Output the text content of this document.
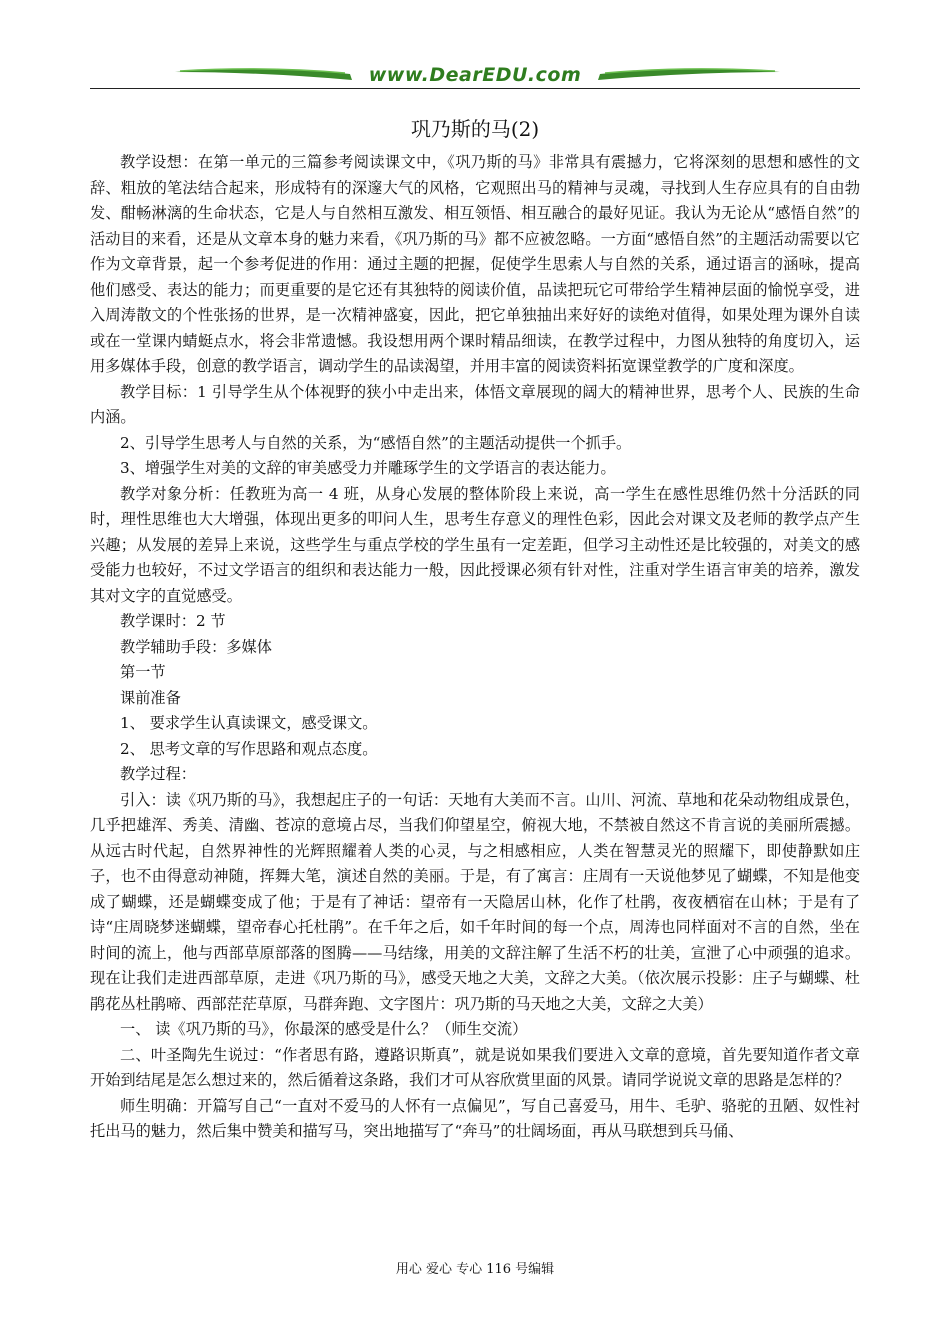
www.DearEDU.com
巩乃斯的马(2)

教学设想：在第一单元的三篇参考阅读课文中，《巩乃斯的马》非常具有震撼力，它将深刻的思想和感性的文辞、粗放的笔法结合起来，形成特有的深邃大气的风格，它观照出马的精神与灵魂，寻找到人生存应具有的自由勃发、酣畅淋漓的生命状态，它是人与自然相互激发、相互领悟、相互融合的最好见证。我认为无论从“感悟自然”的活动目的来看，还是从文章本身的魅力来看，《巩乃斯的马》都不应被忽略。一方面“感悟自然”的主题活动需要以它作为文章背景，起一个参考促进的作用：通过主题的把握，促使学生思索人与自然的关系，通过语言的涵咏，提高他们感受、表达的能力；而更重要的是它还有其独特的阅读价值，品读把玩它可带给学生精神层面的愉悦享受，进入周涛散文的个性张扬的世界，是一次精神盛宴，因此，把它单独抽出来好好的读绝对值得，如果处理为课外自读或在一堂课内蜻蜓点水，将会非常遗憾。我设想用两个课时精品细读，在教学过程中，力图从独特的角度切入，运用多媒体手段，创意的教学语言，调动学生的品读渴望，并用丰富的阅读资料拓宽课堂教学的广度和深度。

教学目标：1 引导学生从个体视野的狭小中走出来，体悟文章展现的阔大的精神世界，思考个人、民族的生命内涵。

2、引导学生思考人与自然的关系，为“感悟自然”的主题活动提供一个抓手。

3、增强学生对美的文辞的审美感受力并雕琢学生的文学语言的表达能力。

教学对象分析：任教班为高一 4 班，从身心发展的整体阶段上来说，高一学生在感性思维仍然十分活跃的同时，理性思维也大大增强，体现出更多的叩问人生，思考生存意义的理性色彩，因此会对课文及老师的教学点产生兴趣；从发展的差异上来说，这些学生与重点学校的学生虽有一定差距，但学习主动性还是比较强的，对美文的感受能力也较好，不过文学语言的组织和表达能力一般，因此授课必须有针对性，注重对学生语言审美的培养，激发其对文字的直觉感受。

教学课时：2 节

教学辅助手段：多媒体

第一节

课前准备

1、 要求学生认真读课文，感受课文。

2、 思考文章的写作思路和观点态度。

教学过程：

引入：读《巩乃斯的马》，我想起庄子的一句话：天地有大美而不言。山川、河流、草地和花朵动物组成景色，几乎把雄浑、秀美、清幽、苍凉的意境占尽，当我们仰望星空，俯视大地，不禁被自然这不肯言说的美丽所震撼。从远古时代起，自然界神性的光辉照耀着人类的心灵，与之相感相应，人类在智慧灵光的照耀下，即使静默如庄子，也不由得意动神随，挥舞大笔，演述自然的美丽。于是，有了寓言：庄周有一天说他梦见了蝴蝶，不知是他变成了蝴蝶，还是蝴蝶变成了他；于是有了神话：望帝有一天隐居山林，化作了杜鹃，夜夜栖宿在山林；于是有了诗“庄周晓梦迷蝴蝶，望帝春心托杜鹃”。在千年之后，如千年时间的每一个点，周涛也同样面对不言的自然，坐在时间的流上，他与西部草原部落的图腾——马结缘，用美的文辞注解了生活不朽的壮美，宣泄了心中顽强的追求。现在让我们走进西部草原，走进《巩乃斯的马》，感受天地之大美，文辞之大美。（依次展示投影：庄子与蝴蝶、杜鹃花丛杜鹃啼、西部茫茫草原，马群奔跑、文字图片：巩乃斯的马天地之大美，文辞之大美）

一、 读《巩乃斯的马》，你最深的感受是什么？（师生交流）

二、叶圣陶先生说过：“作者思有路，遵路识斯真”，就是说如果我们要进入文章的意境，首先要知道作者文章开始到结尾是怎么想过来的，然后循着这条路，我们才可从容欣赏里面的风景。请同学说说文章的思路是怎样的？

师生明确：开篇写自己“一直对不爱马的人怀有一点偏见”，写自己喜爱马，用牛、毛驴、骆驼的丑陋、奴性衬托出马的魅力，然后集中赞美和描写马，突出地描写了“奔马”的壮阔场面，再从马联想到兵马俑、

用心 爱心 专心 116 号编辑
